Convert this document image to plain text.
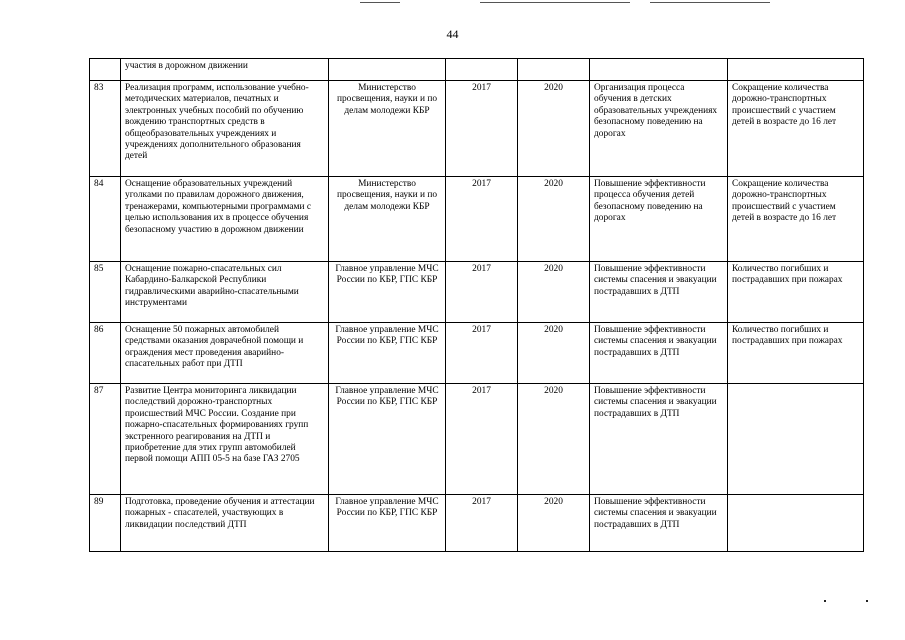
44
	участия в дорожном движении					
83	Реализация программ, использование учебно-методических материалов, печатных и электронных учебных пособий по обучению вождению транспортных средств в общеобразовательных учреждениях и учреждениях дополнительного образования детей	Министерство просвещения, науки и по делам молодежи КБР	2017	2020	Организация процесса обучения в детских образовательных учреждениях безопасному поведению на дорогах	Сокращение количества дорожно-транспортных происшествий с участием детей в возрасте до 16 лет
84	Оснащение образовательных учреждений уголками по правилам дорожного движения, тренажерами, компьютерными программами с целью использования их в процессе обучения безопасному участию в дорожном движении	Министерство просвещения, науки и по делам молодежи КБР	2017	2020	Повышение эффективности процесса обучения детей безопасному поведению на дорогах	Сокращение количества дорожно-транспортных происшествий с участием детей в возрасте до 16 лет
85	Оснащение пожарно-спасательных сил Кабардино-Балкарской Республики гидравлическими аварийно-спасательными инструментами	Главное управление МЧС России по КБР, ГПС КБР	2017	2020	Повышение эффективности системы спасения и эвакуации пострадавших в ДТП	Количество погибших и пострадавших при пожарах
86	Оснащение 50 пожарных автомобилей средствами оказания доврачебной помощи и ограждения мест проведения аварийно-спасательных работ при ДТП	Главное управление МЧС России по КБР, ГПС КБР	2017	2020	Повышение эффективности системы спасения и эвакуации пострадавших в ДТП	Количество погибших и пострадавших при пожарах
87	Развитие Центра мониторинга ликвидации последствий дорожно-транспортных происшествий МЧС России. Создание при пожарно-спасательных формированиях групп экстренного реагирования на ДТП и приобретение для этих групп автомобилей первой помощи АПП 05-5 на базе ГАЗ 2705	Главное управление МЧС России по КБР, ГПС КБР	2017	2020	Повышение эффективности системы спасения и эвакуации пострадавших в ДТП	
89	Подготовка, проведение обучения и аттестации пожарных - спасателей, участвующих в ликвидации последствий ДТП	Главное управление МЧС России по КБР, ГПС КБР	2017	2020	Повышение эффективности системы спасения и эвакуации пострадавших в ДТП	
